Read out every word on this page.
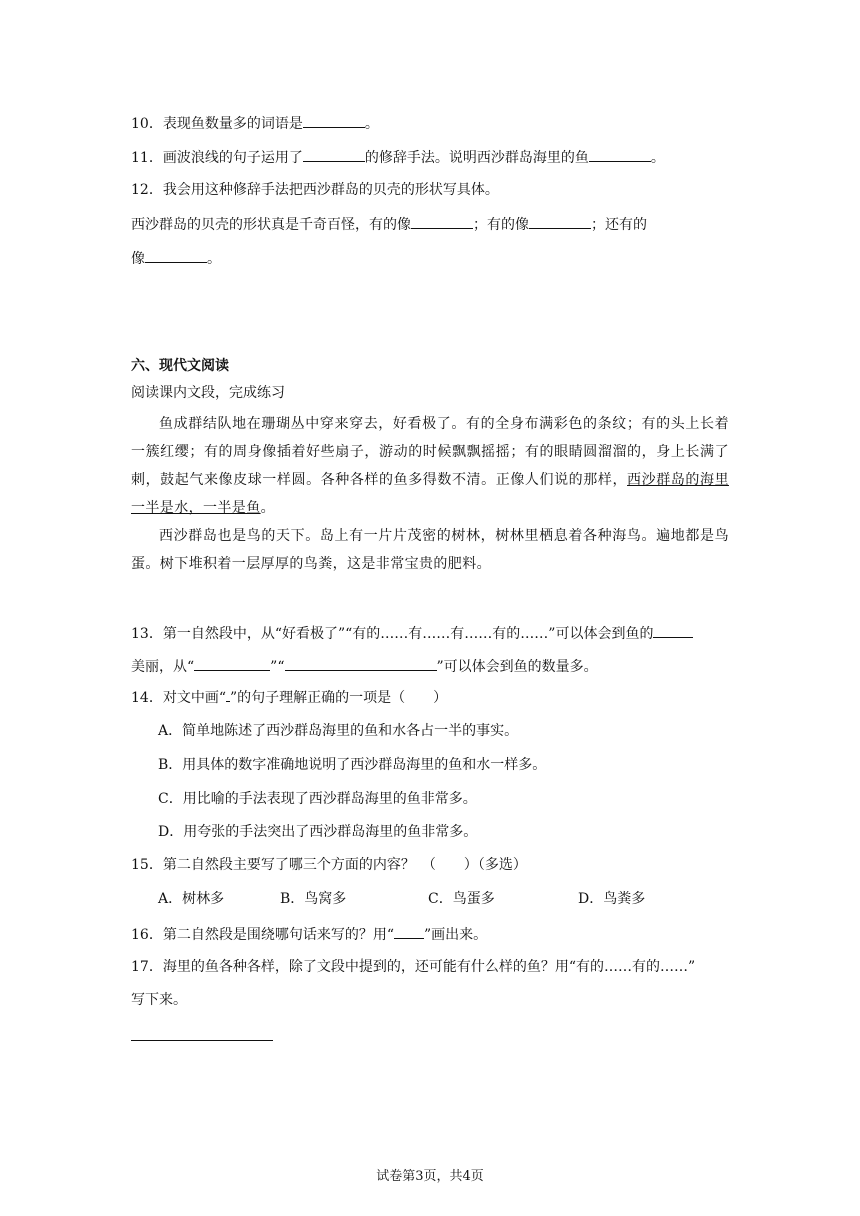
10．表现鱼数量多的词语是	。
11．画波浪线的句子运用了	的修辞手法。说明西沙群岛海里的鱼	。
12．我会用这种修辞手法把西沙群岛的贝壳的形状写具体。
西沙群岛的贝壳的形状真是千奇百怪，有的像	；有的像	；还有的
像	。
六、现代文阅读
阅读课内文段，完成练习

鱼成群结队地在珊瑚丛中穿来穿去，好看极了。有的全身布满彩色的条纹；有的头上长着一簇红缨；有的周身像插着好些扇子，游动的时候飘飘摇摇；有的眼睛圆溜溜的，身上长满了刺，鼓起气来像皮球一样圆。各种各样的鱼多得数不清。正像人们说的那样，西沙群岛的海里一半是水，一半是鱼。

西沙群岛也是鸟的天下。岛上有一片片茂密的树林，树林里栖息着各种海鸟。遍地都是鸟蛋。树下堆积着一层厚厚的鸟粪，这是非常宝贵的肥料。

13．第一自然段中，从“好看极了”“有的……有……有……有的……”可以体会到鱼的
美丽，从“	”“	”可以体会到鱼的数量多。
14．对文中画“ ”的句子理解正确的一项是（　　）
A．简单地陈述了西沙群岛海里的鱼和水各占一半的事实。
B．用具体的数字准确地说明了西沙群岛海里的鱼和水一样多。
C．用比喻的手法表现了西沙群岛海里的鱼非常多。
D．用夸张的手法突出了西沙群岛海里的鱼非常多。
15．第二自然段主要写了哪三个方面的内容？　（　　）（多选）
A．树林多	B．鸟窝多	C．鸟蛋多	D．鸟粪多
16．第二自然段是围绕哪句话来写的？用“ ”画出来。
17．海里的鱼各种各样，除了文段中提到的，还可能有什么样的鱼？用“有的……有的……”
写下来。
试卷第3页，共4页
